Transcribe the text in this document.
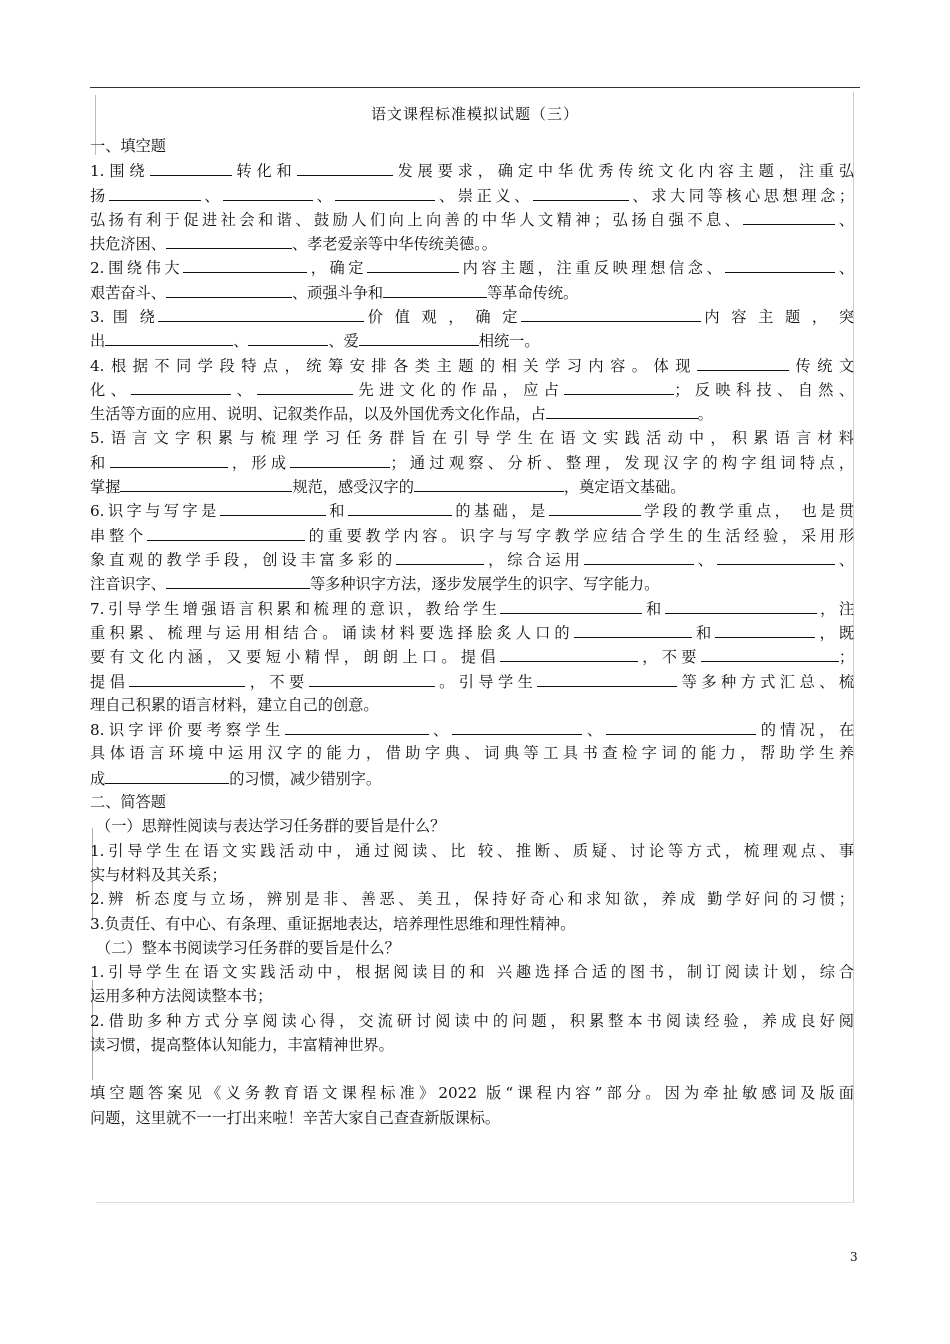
语文课程标准模拟试题（三）
一、填空题
1.围绕	转化和	发展要求，确定中华优秀传统文化内容主题，注重弘
扬	、	、	、崇正义、	、求大同等核心思想理念；
弘扬有利于促进社会和谐、鼓励人们向上向善的中华人文精神；弘扬自强不息、	、
扶危济困、	、孝老爱亲等中华传统美德。。
2.围绕伟大	，确定	内容主题，注重反映理想信念、	、
艰苦奋斗、	、顽强斗争和	等革命传统。
3. 围 绕	价 值 观 ， 确 定	内 容 主 题 ， 突
出	、	、爱	相统一。
4.根据不同学段特点，统筹安排各类主题的相关学习内容。体现	传统文
化、	、	先进文化的作品，应占	；反映科技、自然、
生活等方面的应用、说明、记叙类作品，以及外国优秀文化作品，占	。
5.语言文字积累与梳理学习任务群旨在引导学生在语文实践活动中，积累语言材料
和	，形成	；通过观察、分析、整理，发现汉字的构字组词特点，
掌握	规范，感受汉字的	，奠定语文基础。
6.识字与写字是	和	的基础，是	学段的教学重点， 也是贯
串整个	的重要教学内容。识字与写字教学应结合学生的生活经验，采用形
象直观的教学手段，创设丰富多彩的	，综合运用	、	、
注音识字、	等多种识字方法，逐步发展学生的识字、写字能力。
7.引导学生增强语言积累和梳理的意识，教给学生	和	，注
重积累、梳理与运用相结合。诵读材料要选择脍炙人口的	和	，既
要有文化内涵，又要短小精悍，朗朗上口。提倡	，不要	；
提倡	，不要	。引导学生	等多种方式汇总、梳
理自己积累的语言材料，建立自己的创意。
8.识字评价要考察学生	、	、	的情况，在
具体语言环境中运用汉字的能力，借助字典、词典等工具书查检字词的能力，帮助学生养
成	的习惯，减少错别字。
二、简答题
（一）思辩性阅读与表达学习任务群的要旨是什么？
1.引导学生在语文实践活动中，通过阅读、比 较、推断、质疑、讨论等方式，梳理观点、事
实与材料及其关系；
2.辨 析态度与立场，辨别是非、善恶、美丑，保持好奇心和求知欲，养成 勤学好问的习惯；
3.负责任、有中心、有条理、重证据地表达，培养理性思维和理性精神。
（二）整本书阅读学习任务群的要旨是什么？
1.引导学生在语文实践活动中，根据阅读目的和 兴趣选择合适的图书，制订阅读计划，综合
运用多种方法阅读整本书；
2.借助多种方式分享阅读心得，交流研讨阅读中的问题，积累整本书阅读经验，养成良好阅
读习惯，提高整体认知能力，丰富精神世界。
填空题答案见《义务教育语文课程标准》2022 版“课程内容”部分。因为牵扯敏感词及版面
问题，这里就不一一打出来啦！辛苦大家自己查查新版课标。
3
